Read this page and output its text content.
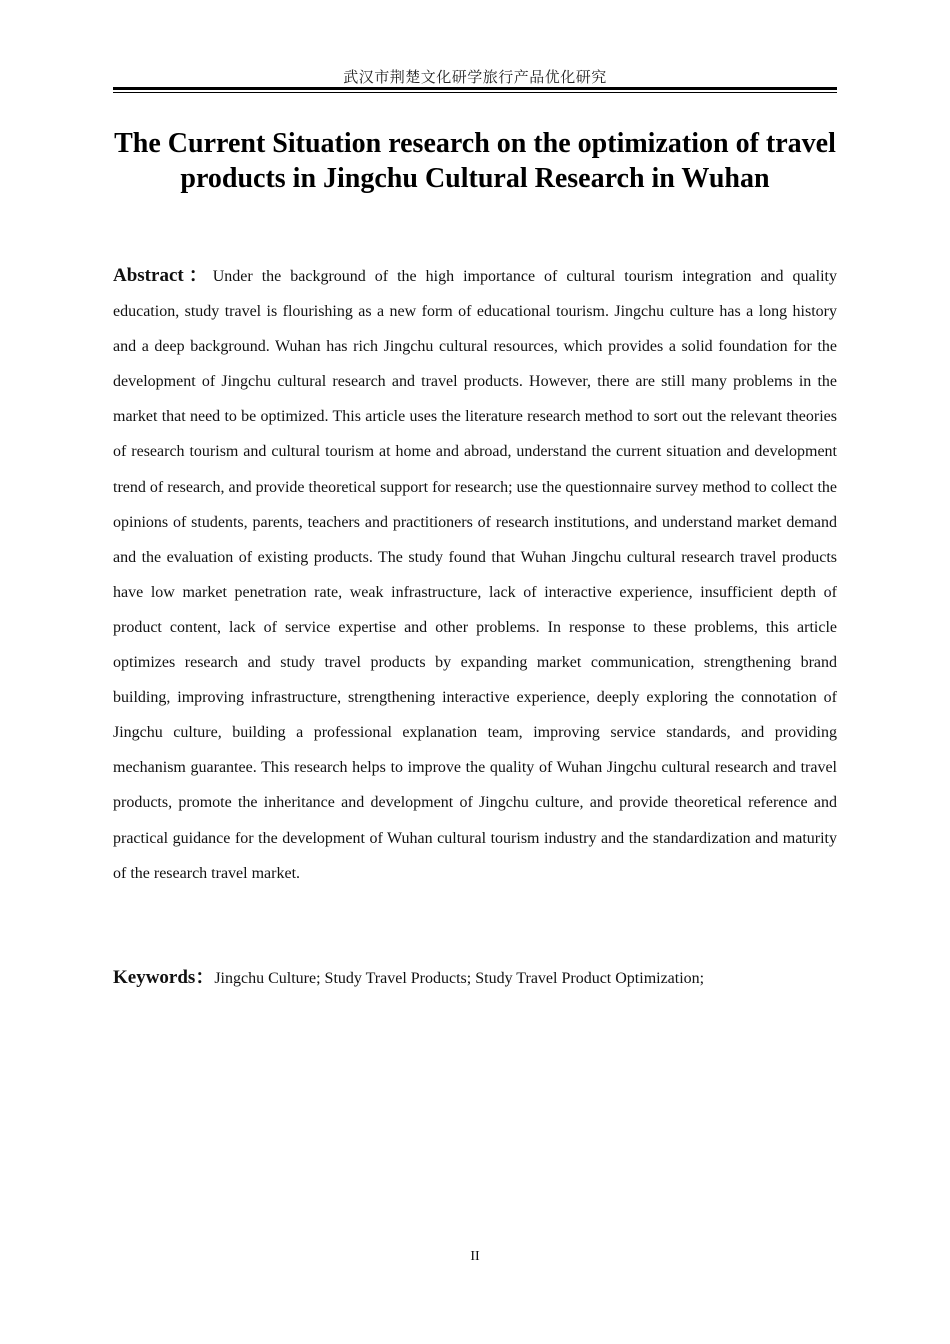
武汉市荆楚文化研学旅行产品优化研究
The Current Situation research on the optimization of travel products in Jingchu Cultural Research in Wuhan

Abstract：Under the background of the high importance of cultural tourism integration and quality education, study travel is flourishing as a new form of educational tourism. Jingchu culture has a long history and a deep background. Wuhan has rich Jingchu cultural resources, which provides a solid foundation for the development of Jingchu cultural research and travel products. However, there are still many problems in the market that need to be optimized. This article uses the literature research method to sort out the relevant theories of research tourism and cultural tourism at home and abroad, understand the current situation and development trend of research, and provide theoretical support for research; use the questionnaire survey method to collect the opinions of students, parents, teachers and practitioners of research institutions, and understand market demand and the evaluation of existing products. The study found that Wuhan Jingchu cultural research travel products have low market penetration rate, weak infrastructure, lack of interactive experience, insufficient depth of product content, lack of service expertise and other problems. In response to these problems, this article optimizes research and study travel products by expanding market communication, strengthening brand building, improving infrastructure, strengthening interactive experience, deeply exploring the connotation of Jingchu culture, building a professional explanation team, improving service standards, and providing mechanism guarantee. This research helps to improve the quality of Wuhan Jingchu cultural research and travel products, promote the inheritance and development of Jingchu culture, and provide theoretical reference and practical guidance for the development of Wuhan cultural tourism industry and the standardization and maturity of the research travel market.

Keywords：Jingchu Culture; Study Travel Products; Study Travel Product Optimization;

II
